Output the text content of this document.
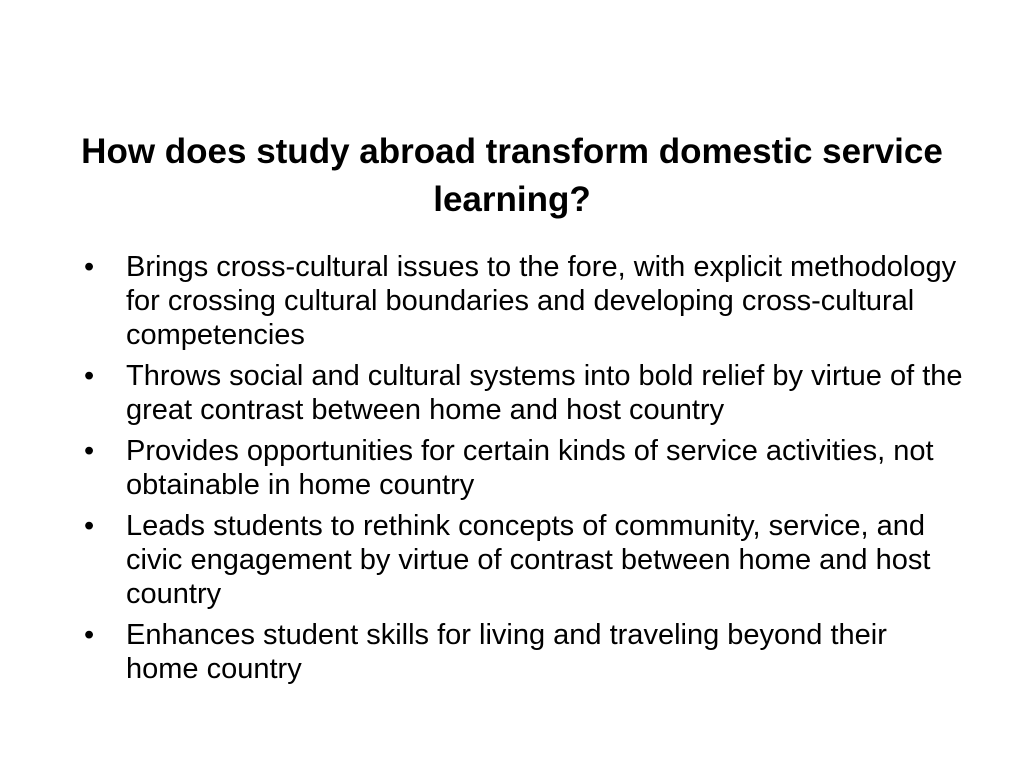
How does study abroad transform domestic service learning?
•	Brings cross-cultural issues to the fore, with explicit methodology for crossing cultural boundaries and developing cross-cultural competencies
•	Throws social and cultural systems into bold relief by virtue of the great contrast between home and host country
•	Provides opportunities for certain kinds of service activities, not obtainable in home country
•	Leads students to rethink concepts of community, service, and civic engagement by virtue of contrast between home and host country
•	Enhances student skills for living and traveling beyond their home country
